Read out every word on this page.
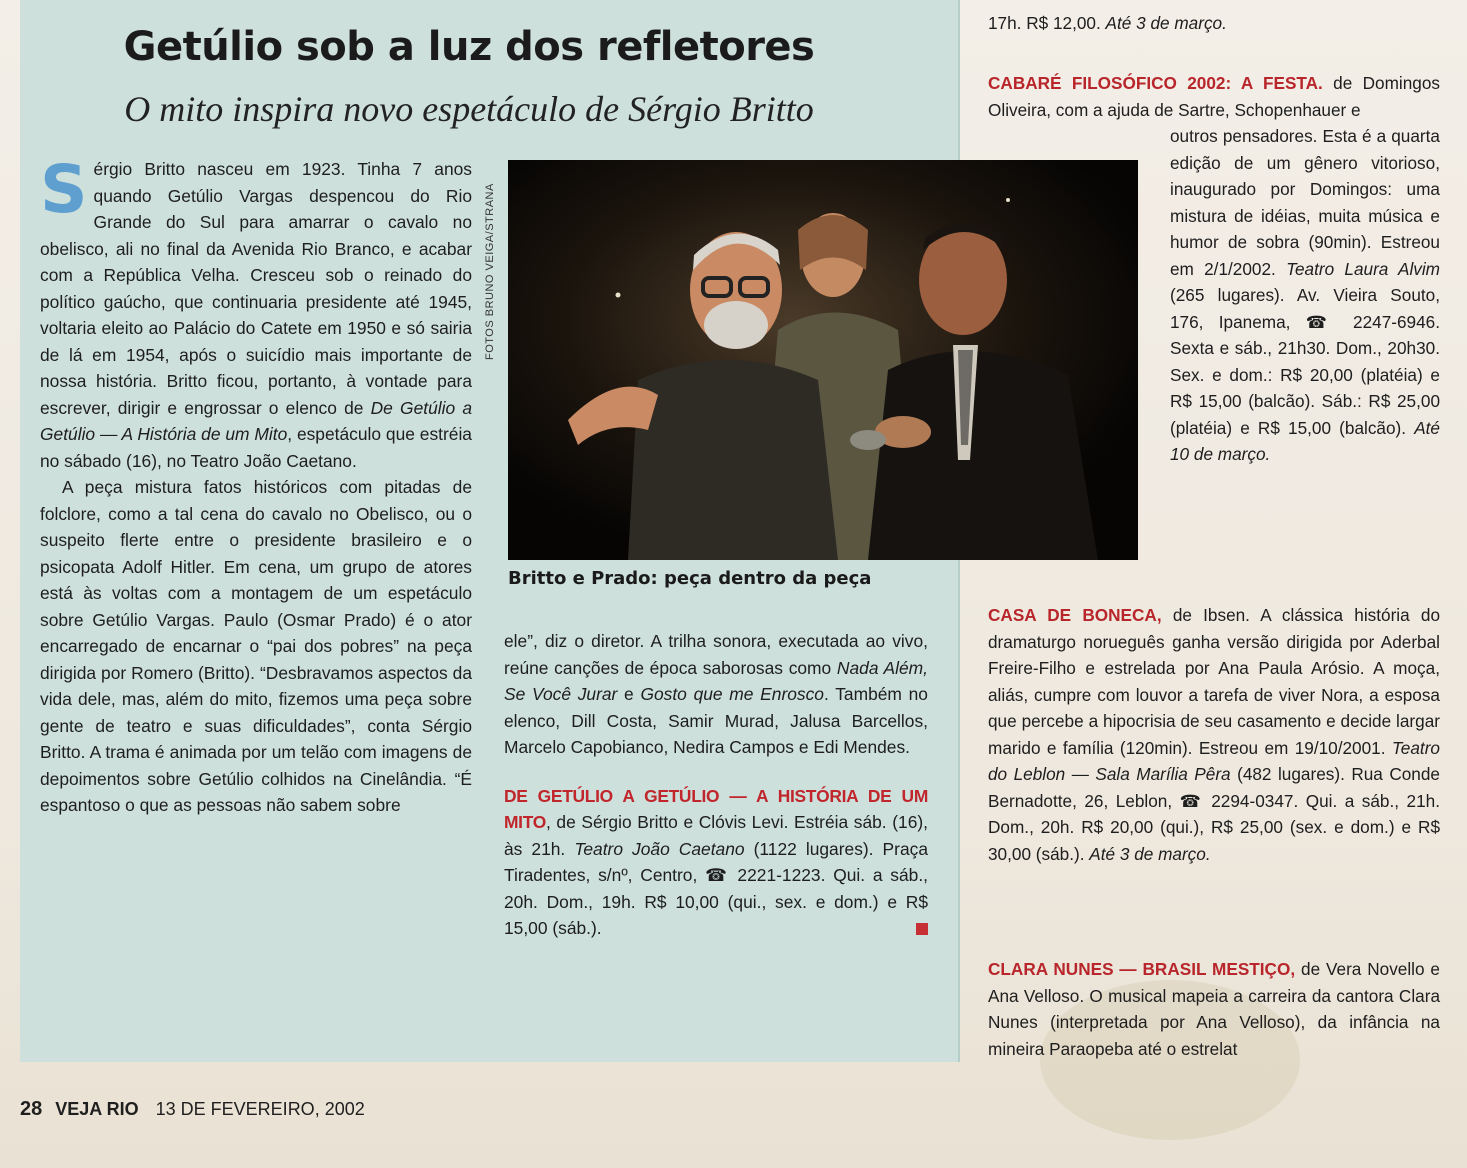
Getúlio sob a luz dos refletores
O mito inspira novo espetáculo de Sérgio Britto

Sérgio Britto nasceu em 1923. Tinha 7 anos quando Getúlio Vargas despencou do Rio Grande do Sul para amarrar o cavalo no obelisco, ali no final da Avenida Rio Branco, e acabar com a República Velha. Cresceu sob o reinado do político gaúcho, que continuaria presidente até 1945, voltaria eleito ao Palácio do Catete em 1950 e só sairia de lá em 1954, após o suicídio mais importante de nossa história. Britto ficou, portanto, à vontade para escrever, dirigir e engrossar o elenco de De Getúlio a Getúlio — A História de um Mito, espetáculo que estréia no sábado (16), no Teatro João Caetano.

A peça mistura fatos históricos com pitadas de folclore, como a tal cena do cavalo no Obelisco, ou o suspeito flerte entre o presidente brasileiro e o psicopata Adolf Hitler. Em cena, um grupo de atores está às voltas com a montagem de um espetáculo sobre Getúlio Vargas. Paulo (Osmar Prado) é o ator encarregado de encarnar o “pai dos pobres” na peça dirigida por Romero (Britto). “Desbravamos aspectos da vida dele, mas, além do mito, fizemos uma peça sobre gente de teatro e suas dificuldades”, conta Sérgio Britto. A trama é animada por um telão com imagens de depoimentos sobre Getúlio colhidos na Cinelândia. “É espantoso o que as pessoas não sabem sobre

FOTOS BRUNO VEIGA/STRANA
Britto e Prado: peça dentro da peça

ele”, diz o diretor. A trilha sonora, executada ao vivo, reúne canções de época saborosas como Nada Além, Se Você Jurar e Gosto que me Enrosco. Também no elenco, Dill Costa, Samir Murad, Jalusa Barcellos, Marcelo Capobianco, Nedira Campos e Edi Mendes.

DE GETÚLIO A GETÚLIO — A HISTÓRIA DE UM MITO, de Sérgio Britto e Clóvis Levi. Estréia sáb. (16), às 21h. Teatro João Caetano (1122 lugares). Praça Tiradentes, s/nº, Centro, ☎ 2221-1223. Qui. a sáb., 20h. Dom., 19h. R$ 10,00 (qui., sex. e dom.) e R$ 15,00 (sáb.).

17h. R$ 12,00. Até 3 de março.

CABARÉ FILOSÓFICO 2002: A FESTA. de Domingos Oliveira, com a ajuda de Sartre, Schopenhauer e

outros pensadores. Esta é a quarta edição de um gênero vitorioso, inaugurado por Domingos: uma mistura de idéias, muita música e humor de sobra (90min). Estreou em 2/1/2002. Teatro Laura Alvim (265 lugares). Av. Vieira Souto, 176, Ipanema, ☎ 2247-6946. Sexta e sáb., 21h30. Dom., 20h30. Sex. e dom.: R$ 20,00 (platéia) e R$ 15,00 (balcão). Sáb.: R$ 25,00 (platéia) e R$ 15,00 (balcão). Até 10 de março.

CASA DE BONECA, de Ibsen. A clássica história do dramaturgo norueguês ganha versão dirigida por Aderbal Freire-Filho e estrelada por Ana Paula Arósio. A moça, aliás, cumpre com louvor a tarefa de viver Nora, a esposa que percebe a hipocrisia de seu casamento e decide largar marido e família (120min). Estreou em 19/10/2001. Teatro do Leblon — Sala Marília Pêra (482 lugares). Rua Conde Bernadotte, 26, Leblon, ☎ 2294-0347. Qui. a sáb., 21h. Dom., 20h. R$ 20,00 (qui.), R$ 25,00 (sex. e dom.) e R$ 30,00 (sáb.). Até 3 de março.

CLARA NUNES — BRASIL MESTIÇO, de Vera Novello e Ana Velloso. O musical mapeia a carreira da cantora Clara Nunes (interpretada por Ana Velloso), da infância na mineira Paraopeba até o estrelat

28 VEJA RIO 13 DE FEVEREIRO, 2002
